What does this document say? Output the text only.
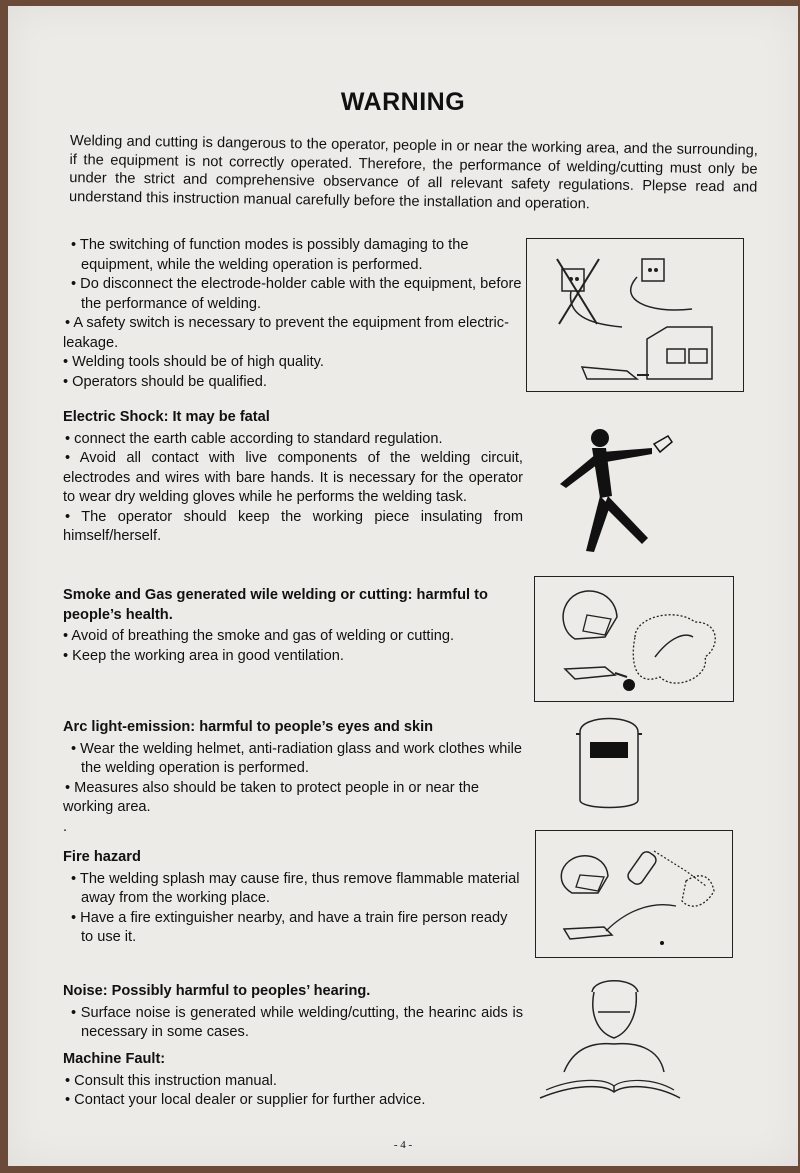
WARNING
Welding and cutting is dangerous to the operator, people in or near the working area, and the surrounding, if the equipment is not correctly operated. Therefore, the performance of welding/cutting must only be under the strict and comprehensive observance of all relevant safety regulations. Plepse read and understand this instruction manual carefully before the installation and operation.

• The switching of function modes is possibly damaging to the equipment, while the welding operation is performed.

• Do disconnect the electrode-holder cable with the equipment, before the performance of welding.

• A safety switch is necessary to prevent the equipment from electric-leakage.

• Welding tools should be of high quality.

• Operators should be qualified.

Electric Shock: It may be fatal

• connect the earth cable according to standard regulation.

• Avoid all contact with live components of the welding circuit, electrodes and wires with bare hands. It is necessary for the operator to wear dry welding gloves while he performs the welding task.

• The operator should keep the working piece insulating from himself/herself.

Smoke and Gas generated wile welding or cutting: harmful to people’s health.

• Avoid of breathing the smoke and gas of welding or cutting.

• Keep the working area in good ventilation.

Arc light-emission: harmful to people’s eyes and skin

• Wear the welding helmet, anti-radiation glass and work clothes while the welding operation is performed.

• Measures also should be taken to protect people in or near the working area.

.

Fire hazard

• The welding splash may cause fire, thus remove flammable material away from the working place.

• Have a fire extinguisher nearby, and have a train fire person ready to use it.

Noise: Possibly harmful to peoples’ hearing.

• Surface noise is generated while welding/cutting, the hearinc aids is necessary in some cases.

Machine Fault:

• Consult this instruction manual.

• Contact your local dealer or supplier for further advice.

- 4 -
